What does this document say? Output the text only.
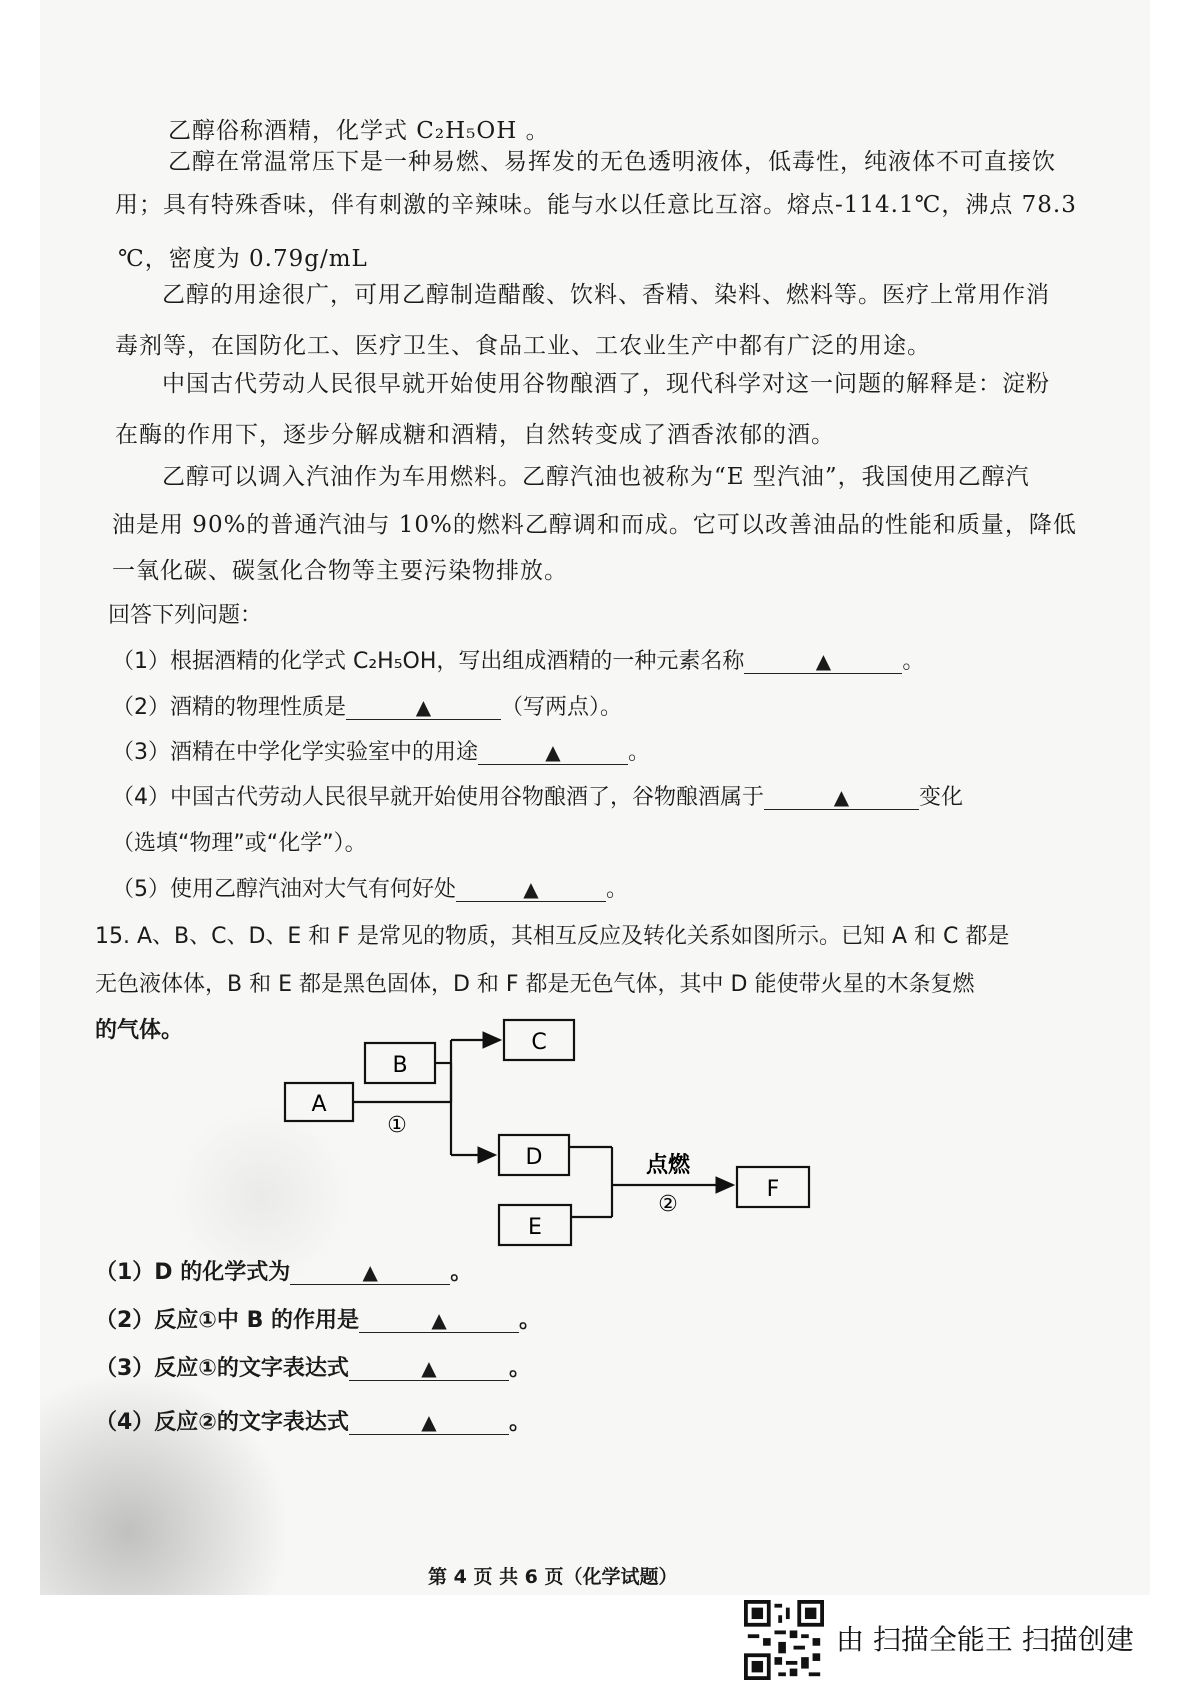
乙醇俗称酒精，化学式 C₂H₅OH 。
乙醇在常温常压下是一种易燃、易挥发的无色透明液体，低毒性，纯液体不可直接饮
用；具有特殊香味，伴有刺激的辛辣味。能与水以任意比互溶。熔点-114.1℃，沸点 78.3
℃，密度为 0.79g/mL
乙醇的用途很广，可用乙醇制造醋酸、饮料、香精、染料、燃料等。医疗上常用作消
毒剂等，在国防化工、医疗卫生、食品工业、工农业生产中都有广泛的用途。
中国古代劳动人民很早就开始使用谷物酿酒了，现代科学对这一问题的解释是：淀粉
在酶的作用下，逐步分解成糖和酒精，自然转变成了酒香浓郁的酒。
乙醇可以调入汽油作为车用燃料。乙醇汽油也被称为“E 型汽油”，我国使用乙醇汽
油是用 90%的普通汽油与 10%的燃料乙醇调和而成。它可以改善油品的性能和质量，降低
一氧化碳、碳氢化合物等主要污染物排放。
回答下列问题：
（1）根据酒精的化学式 C₂H₅OH，写出组成酒精的一种元素名称	▲	。
（2）酒精的物理性质是	▲	（写两点）。
（3）酒精在中学化学实验室中的用途	▲	。
（4）中国古代劳动人民很早就开始使用谷物酿酒了，谷物酿酒属于	▲	变化
（选填“物理”或“化学”）。
（5）使用乙醇汽油对大气有何好处	▲	。
15. A、B、C、D、E 和 F 是常见的物质，其相互反应及转化关系如图所示。已知 A 和 C 都是
无色液体体，B 和 E 都是黑色固体，D 和 F 都是无色气体，其中 D 能使带火星的木条复燃
的气体。
A
B
C
D
E
F
①
点燃
②
（1）D 的化学式为	▲	。
（2）反应①中 B 的作用是	▲	。
（3）反应①的文字表达式	▲	。
（4）反应②的文字表达式	▲	。
第 4 页 共 6 页（化学试题）
由 扫描全能王 扫描创建
